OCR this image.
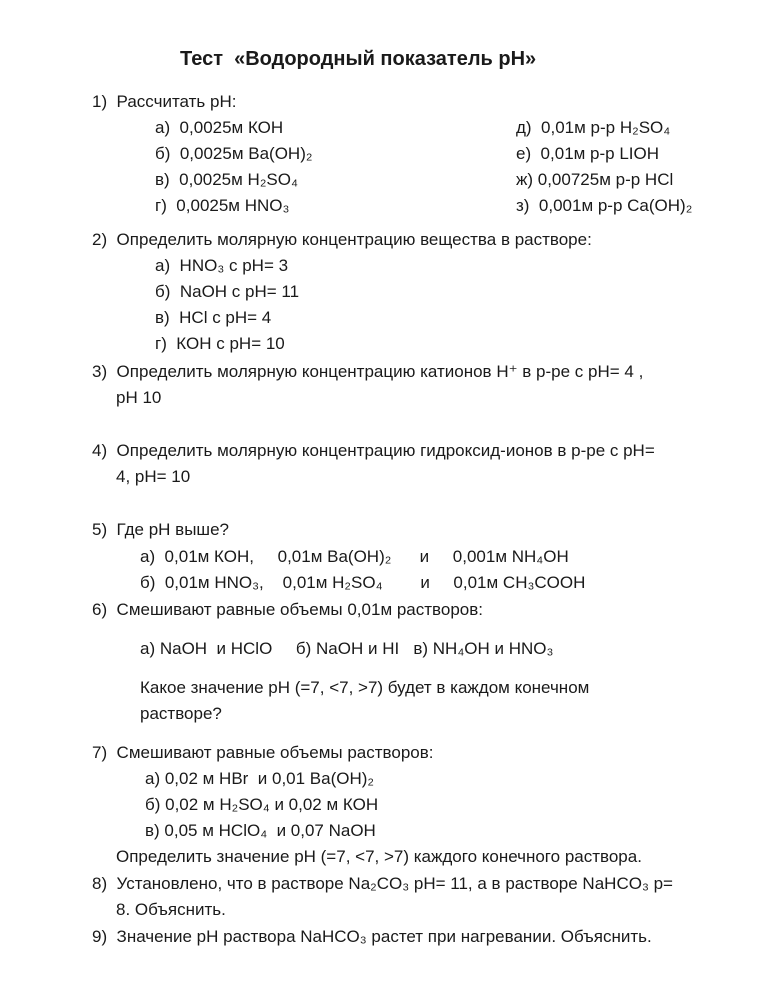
Тест  «Водородный показатель рН»
1)  Рассчитать рН:
а)  0,0025м КОН
б)  0,0025м Ba(OH)₂
в)  0,0025м H₂SO₄
г)  0,0025м HNO₃
д)  0,01м р-р H₂SO₄
е)  0,01м р-р LIOH
ж) 0,00725м р-р HCl
з)  0,001м р-р Ca(OH)₂
2)  Определить молярную концентрацию вещества в растворе:
а)  HNO₃ с рН= 3
б)  NaOH с рН= 11
в)  HCl с рН= 4
г)  КОН с рН= 10
3)  Определить молярную концентрацию катионов Н⁺ в р-ре с рН= 4 ,
рН 10
4)  Определить молярную концентрацию гидроксид-ионов в р-ре с рН=
4, рН= 10
5)  Где рН выше?
а)  0,01м КОН,     0,01м Ba(OH)₂      и     0,001м NH₄OH
б)  0,01м HNO₃,    0,01м H₂SO₄        и     0,01м CH₃COOH
6)  Смешивают равные объемы 0,01м растворов:
а) NaOH  и HClO     б) NaOH и HI   в) NH₄OH и HNO₃
Какое значение рН (=7, <7, >7) будет в каждом конечном
растворе?
7)  Смешивают равные объемы растворов:
а) 0,02 м HBr  и 0,01 Ba(OH)₂
б) 0,02 м H₂SO₄ и 0,02 м КОН
в) 0,05 м HClO₄  и 0,07 NaOH
Определить значение рН (=7, <7, >7) каждого конечного раствора.
8)  Установлено, что в растворе Na₂CO₃ рН= 11, а в растворе NaHCO₃ р=
8. Объяснить.
9)  Значение рН раствора NaHCO₃ растет при нагревании. Объяснить.
